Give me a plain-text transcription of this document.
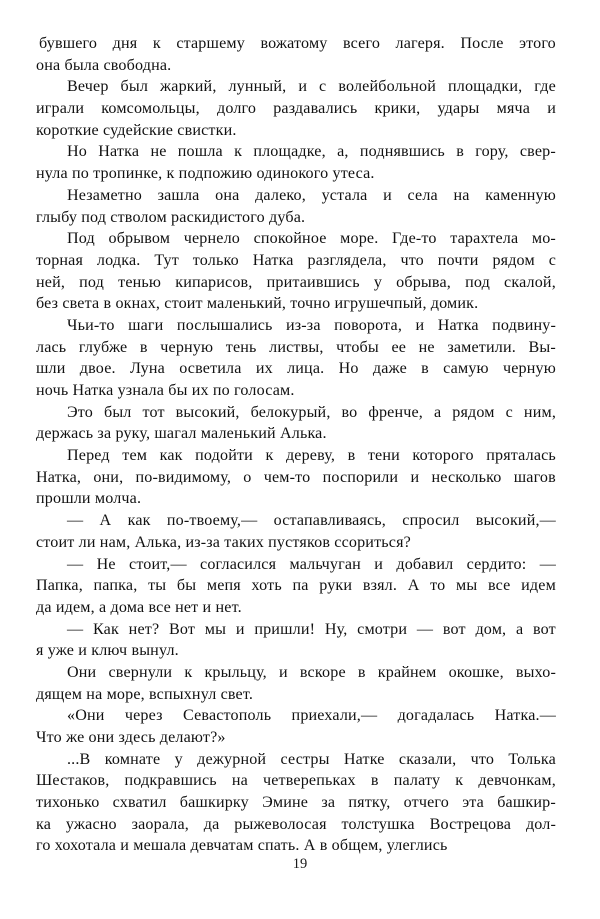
бувшего дня к старшему вожатому всего лагеря. После этого
она была свободна.
Вечер был жаркий, лунный, и с волейбольной площадки, где
играли комсомольцы, долго раздавались крики, удары мяча и
короткие судейские свистки.
Но Натка не пошла к площадке, а, поднявшись в гору, свер-
нула по тропинке, к подпожию одинокого утеса.
Незаметно зашла она далеко, устала и села на каменную
глыбу под стволом раскидистого дуба.
Под обрывом чернело спокойное море. Где-то тарахтела мо-
торная лодка. Тут только Натка разглядела, что почти рядом с
ней, под тенью кипарисов, притаившись у обрыва, под скалой,
без света в окнах, стоит маленький, точно игрушечпый, домик.
Чьи-то шаги послышались из-за поворота, и Натка подвину-
лась глубже в черную тень листвы, чтобы ее не заметили. Вы-
шли двое. Луна осветила их лица. Но даже в самую черную
ночь Натка узнала бы их по голосам.
Это был тот высокий, белокурый, во френче, а рядом с ним,
держась за руку, шагал маленький Алька.
Перед тем как подойти к дереву, в тени которого пряталась
Натка, они, по-видимому, о чем-то поспорили и несколько шагов
прошли молча.
— А как по-твоему,— остапавливаясь, спросил высокий,—
стоит ли нам, Алька, из-за таких пустяков ссориться?
— Не стоит,— согласился мальчуган и добавил сердито: —
Папка, папка, ты бы мепя хоть па руки взял. А то мы все идем
да идем, а дома все нет и нет.
— Как нет? Вот мы и пришли! Ну, смотри — вот дом, а вот
я уже и ключ вынул.
Они свернули к крыльцу, и вскоре в крайнем окошке, выхо-
дящем на море, вспыхнул свет.
«Они через Севастополь приехали,— догадалась Натка.—
Что же они здесь делают?»
...В комнате у дежурной сестры Натке сказали, что Толька
Шестаков, подкравшись на четверепьках в палату к девчонкам,
тихонько схватил башкирку Эмине за пятку, отчего эта башкир-
ка ужасно заорала, да рыжеволосая толстушка Вострецова дол-
го хохотала и мешала девчатам спать. А в общем, улеглись
19
